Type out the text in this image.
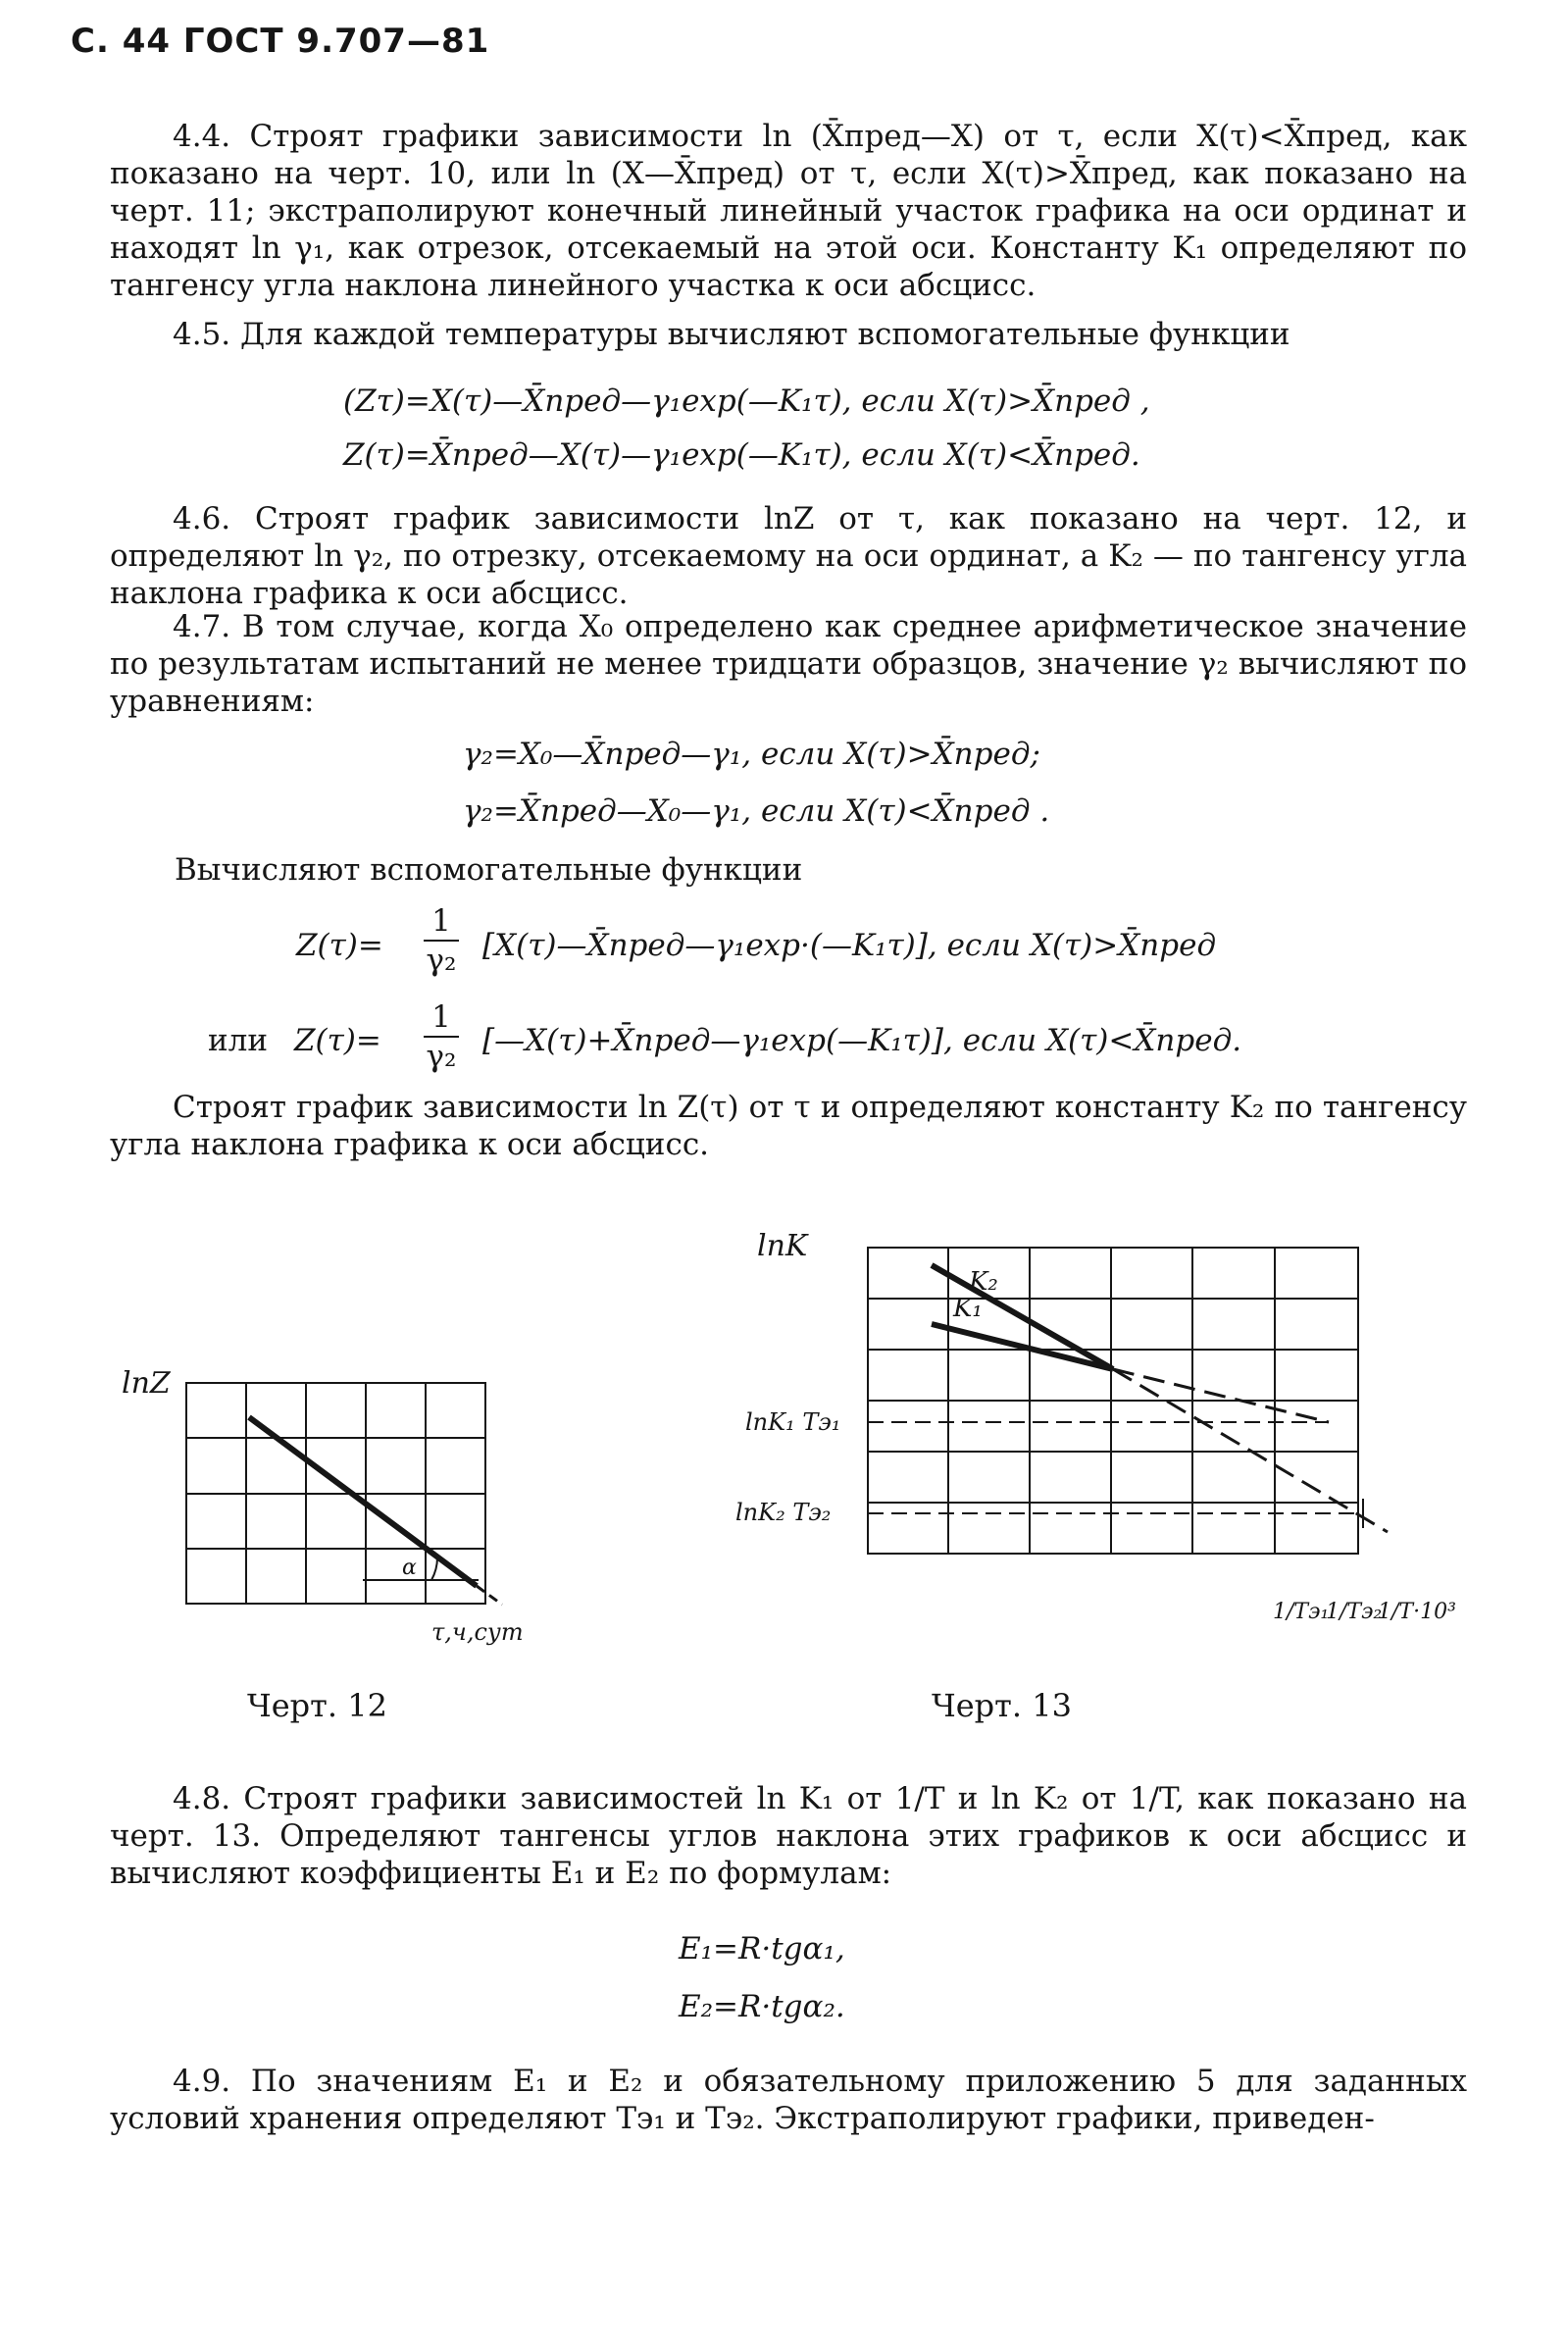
С. 44 ГОСТ 9.707—81
4.4. Строят графики зависимости ln (X̄пред—X) от τ, если X(τ)<X̄пред, как показано на черт. 10, или ln (X—X̄пред) от τ, если X(τ)>X̄пред, как показано на черт. 11; экстраполируют конечный линейный участок графика на оси ординат и находят ln γ₁, как отрезок, отсекаемый на этой оси. Константу K₁ определяют по тангенсу угла наклона линейного участка к оси абсцисс.
4.5. Для каждой температуры вычисляют вспомогательные функции
(Zτ)=X(τ)—X̄пред—γ₁exp(—K₁τ), если X(τ)>X̄пред ,
Z(τ)=X̄пред—X(τ)—γ₁exp(—K₁τ), если X(τ)<X̄пред.
4.6. Строят график зависимости lnZ от τ, как показано на черт. 12, и определяют ln γ₂, по отрезку, отсекаемому на оси ординат, а K₂ — по тангенсу угла наклона графика к оси абсцисс.
4.7. В том случае, когда X₀ определено как среднее арифметическое значение по результатам испытаний не менее тридцати образцов, значение γ₂ вычисляют по уравнениям:
γ₂=X₀—X̄пред—γ₁, если X(τ)>X̄пред;
γ₂=X̄пред—X₀—γ₁, если X(τ)<X̄пред .
Вычисляют вспомогательные функции
Z(τ)=
1
γ₂ [X(τ)—X̄пред—γ₁exp·(—K₁τ)], если X(τ)>X̄пред
или Z(τ)=
1
γ₂ [—X(τ)+X̄пред—γ₁exp(—K₁τ)], если X(τ)<X̄пред.
Строят график зависимости ln Z(τ) от τ и определяют константу K₂ по тангенсу угла наклона графика к оси абсцисс.
lnZ
α
τ,ч,сут
Черт. 12
lnK
K₂
K₁
lnK₁ Tэ₁
lnK₂ Tэ₂
1/Tэ₁
1/Tэ₂
1/T·10³
Черт. 13
4.8. Строят графики зависимостей ln K₁ от 1/T и ln K₂ от 1/T, как показано на черт. 13. Определяют тангенсы углов наклона этих графиков к оси абсцисс и вычисляют коэффициенты E₁ и E₂ по формулам:
E₁=R·tgα₁,
E₂=R·tgα₂.
4.9. По значениям E₁ и E₂ и обязательному приложению 5 для заданных условий хранения определяют Tэ₁ и Tэ₂. Экстраполируют графики, приведен-
